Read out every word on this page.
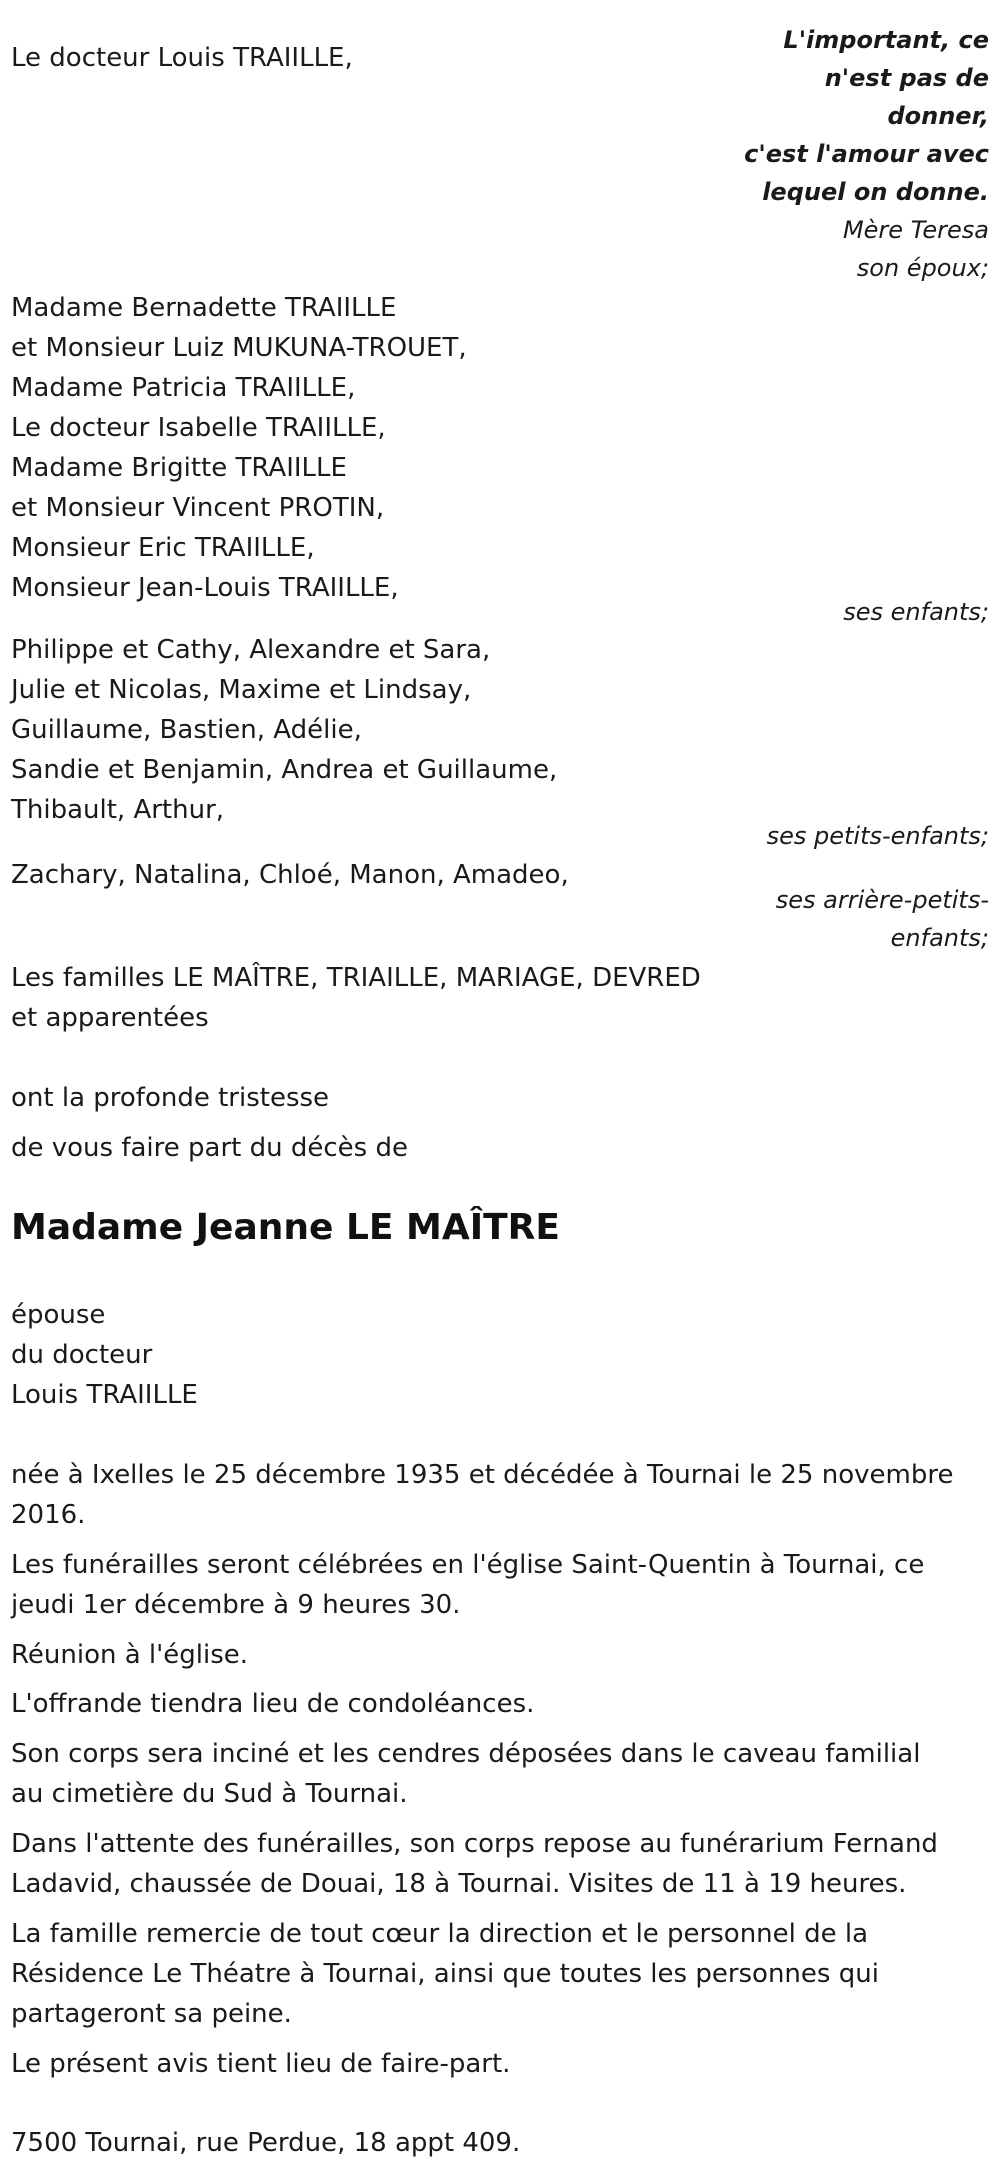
Le docteur Louis TRAIILLE,
L'important, ce
n'est pas de
donner,
c'est l'amour avec
lequel on donne.
Mère Teresa
son époux;
Madame Bernadette TRAIILLE
et Monsieur Luiz MUKUNA-TROUET,
Madame Patricia TRAIILLE,
Le docteur Isabelle TRAIILLE,
Madame Brigitte TRAIILLE
et Monsieur Vincent PROTIN,
Monsieur Eric TRAIILLE,
Monsieur Jean-Louis TRAIILLE,
ses enfants;
Philippe et Cathy, Alexandre et Sara,
Julie et Nicolas, Maxime et Lindsay,
Guillaume, Bastien, Adélie,
Sandie et Benjamin, Andrea et Guillaume,
Thibault, Arthur,
ses petits-enfants;
Zachary, Natalina, Chloé, Manon, Amadeo,
ses arrière-petits-
enfants;
Les familles LE MAÎTRE, TRIAILLE, MARIAGE, DEVRED
et apparentées
ont la profonde tristesse
de vous faire part du décès de
Madame Jeanne LE MAÎTRE
épouse
du docteur
Louis TRAIILLE
née à Ixelles le 25 décembre 1935 et décédée à Tournai le 25 novembre
2016.
Les funérailles seront célébrées en l'église Saint-Quentin à Tournai, ce
jeudi 1er décembre à 9 heures 30.
Réunion à l'église.
L'offrande tiendra lieu de condoléances.
Son corps sera inciné et les cendres déposées dans le caveau familial
au cimetière du Sud à Tournai.
Dans l'attente des funérailles, son corps repose au funérarium Fernand
Ladavid, chaussée de Douai, 18 à Tournai. Visites de 11 à 19 heures.
La famille remercie de tout cœur la direction et le personnel de la
Résidence Le Théatre à Tournai, ainsi que toutes les personnes qui
partageront sa peine.
Le présent avis tient lieu de faire-part.
7500 Tournai, rue Perdue, 18 appt 409.
